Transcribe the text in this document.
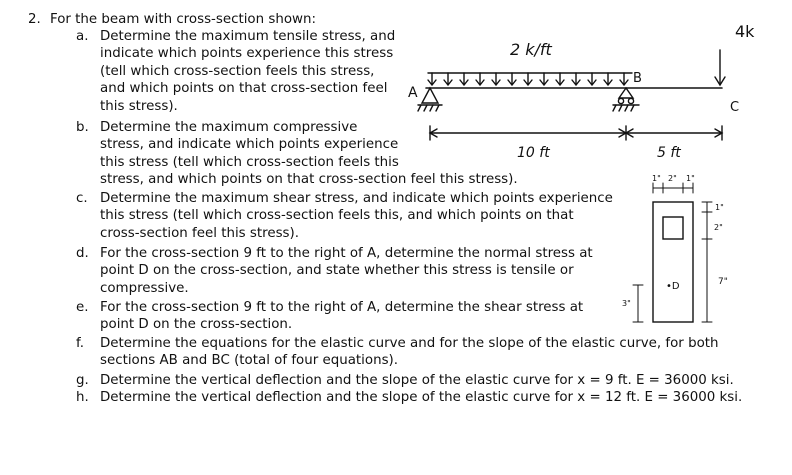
2. For the beam with cross-section shown:
a. Determine the maximum tensile stress, and
indicate which points experience this stress
(tell which cross-section feels this stress,
and which points on that cross-section feel
this stress).
b. Determine the maximum compressive
stress, and indicate which points experience
this stress (tell which cross-section feels this
stress, and which points on that cross-section feel this stress).
c. Determine the maximum shear stress, and indicate which points experience
this stress (tell which cross-section feels this, and which points on that
cross-section feel this stress).
d. For the cross-section 9 ft to the right of A, determine the normal stress at
point D on the cross-section, and state whether this stress is tensile or
compressive.
e. For the cross-section 9 ft to the right of A, determine the shear stress at
point D on the cross-section.
f. Determine the equations for the elastic curve and for the slope of the elastic curve, for both
sections AB and BC (total of four equations).
g. Determine the vertical deflection and the slope of the elastic curve for x = 9 ft. E = 36000 ksi.
h. Determine the vertical deflection and the slope of the elastic curve for x = 12 ft. E = 36000 ksi.
2 k/ft
4k
A
B
C
10 ft	5 ft
1" 2" 1"
1"
2"
7"
3"
•D
